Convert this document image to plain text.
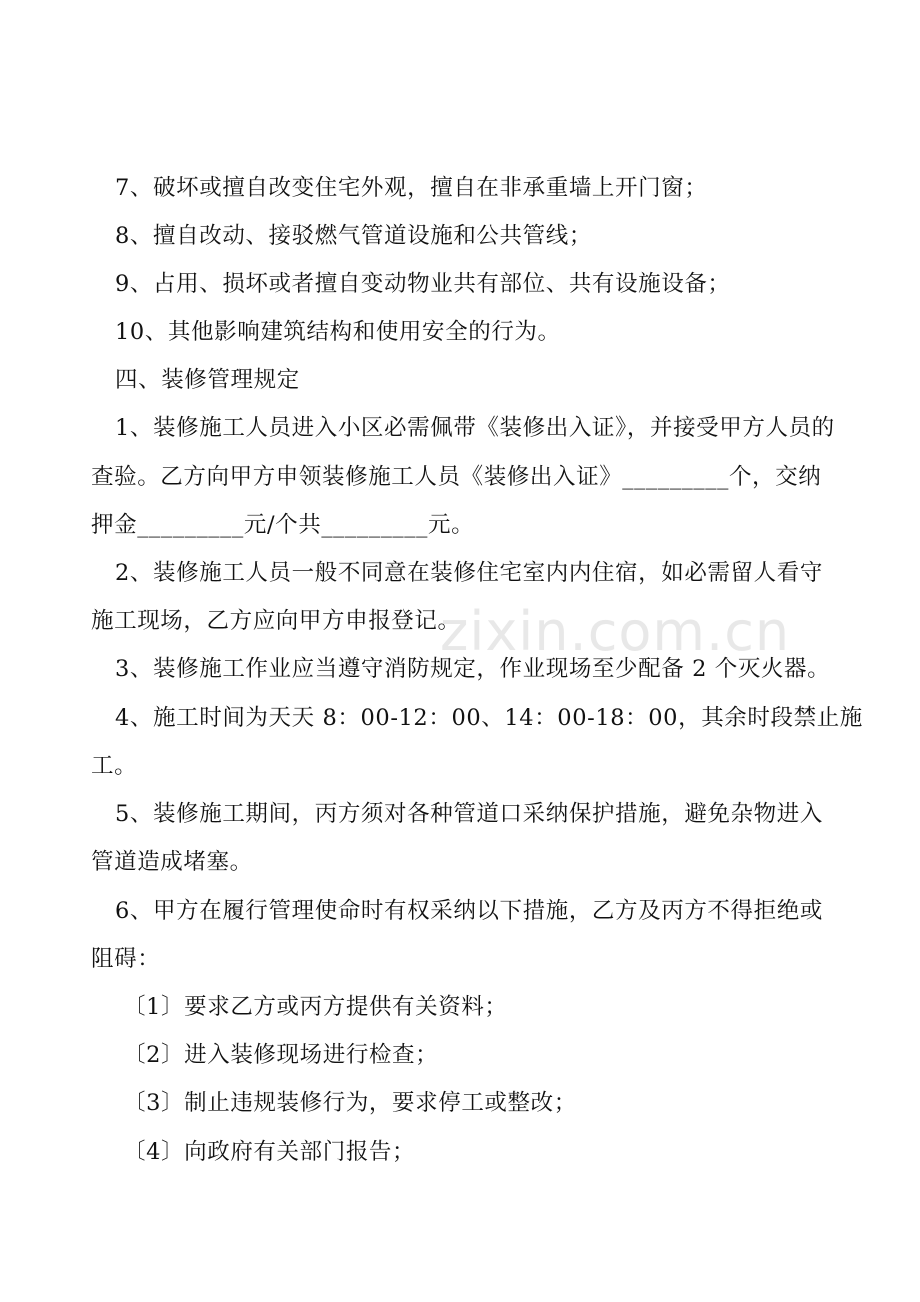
zixin.com.cn
7、破坏或擅自改变住宅外观，擅自在非承重墙上开门窗；
8、擅自改动、接驳燃气管道设施和公共管线；
9、占用、损坏或者擅自变动物业共有部位、共有设施设备；
10、其他影响建筑结构和使用安全的行为。
四、装修管理规定
1、装修施工人员进入小区必需佩带《装修出入证》，并接受甲方人员的
查验。乙方向甲方申领装修施工人员《装修出入证》_________个，交纳
押金_________元/个共_________元。
2、装修施工人员一般不同意在装修住宅室内内住宿，如必需留人看守
施工现场，乙方应向甲方申报登记。
3、装修施工作业应当遵守消防规定，作业现场至少配备 2 个灭火器。
4、施工时间为天天 8：00-12：00、14：00-18：00，其余时段禁止施
工。
5、装修施工期间，丙方须对各种管道口采纳保护措施，避免杂物进入
管道造成堵塞。
6、甲方在履行管理使命时有权采纳以下措施，乙方及丙方不得拒绝或
阻碍：
〔1〕要求乙方或丙方提供有关资料；
〔2〕进入装修现场进行检查；
〔3〕制止违规装修行为，要求停工或整改；
〔4〕向政府有关部门报告；
